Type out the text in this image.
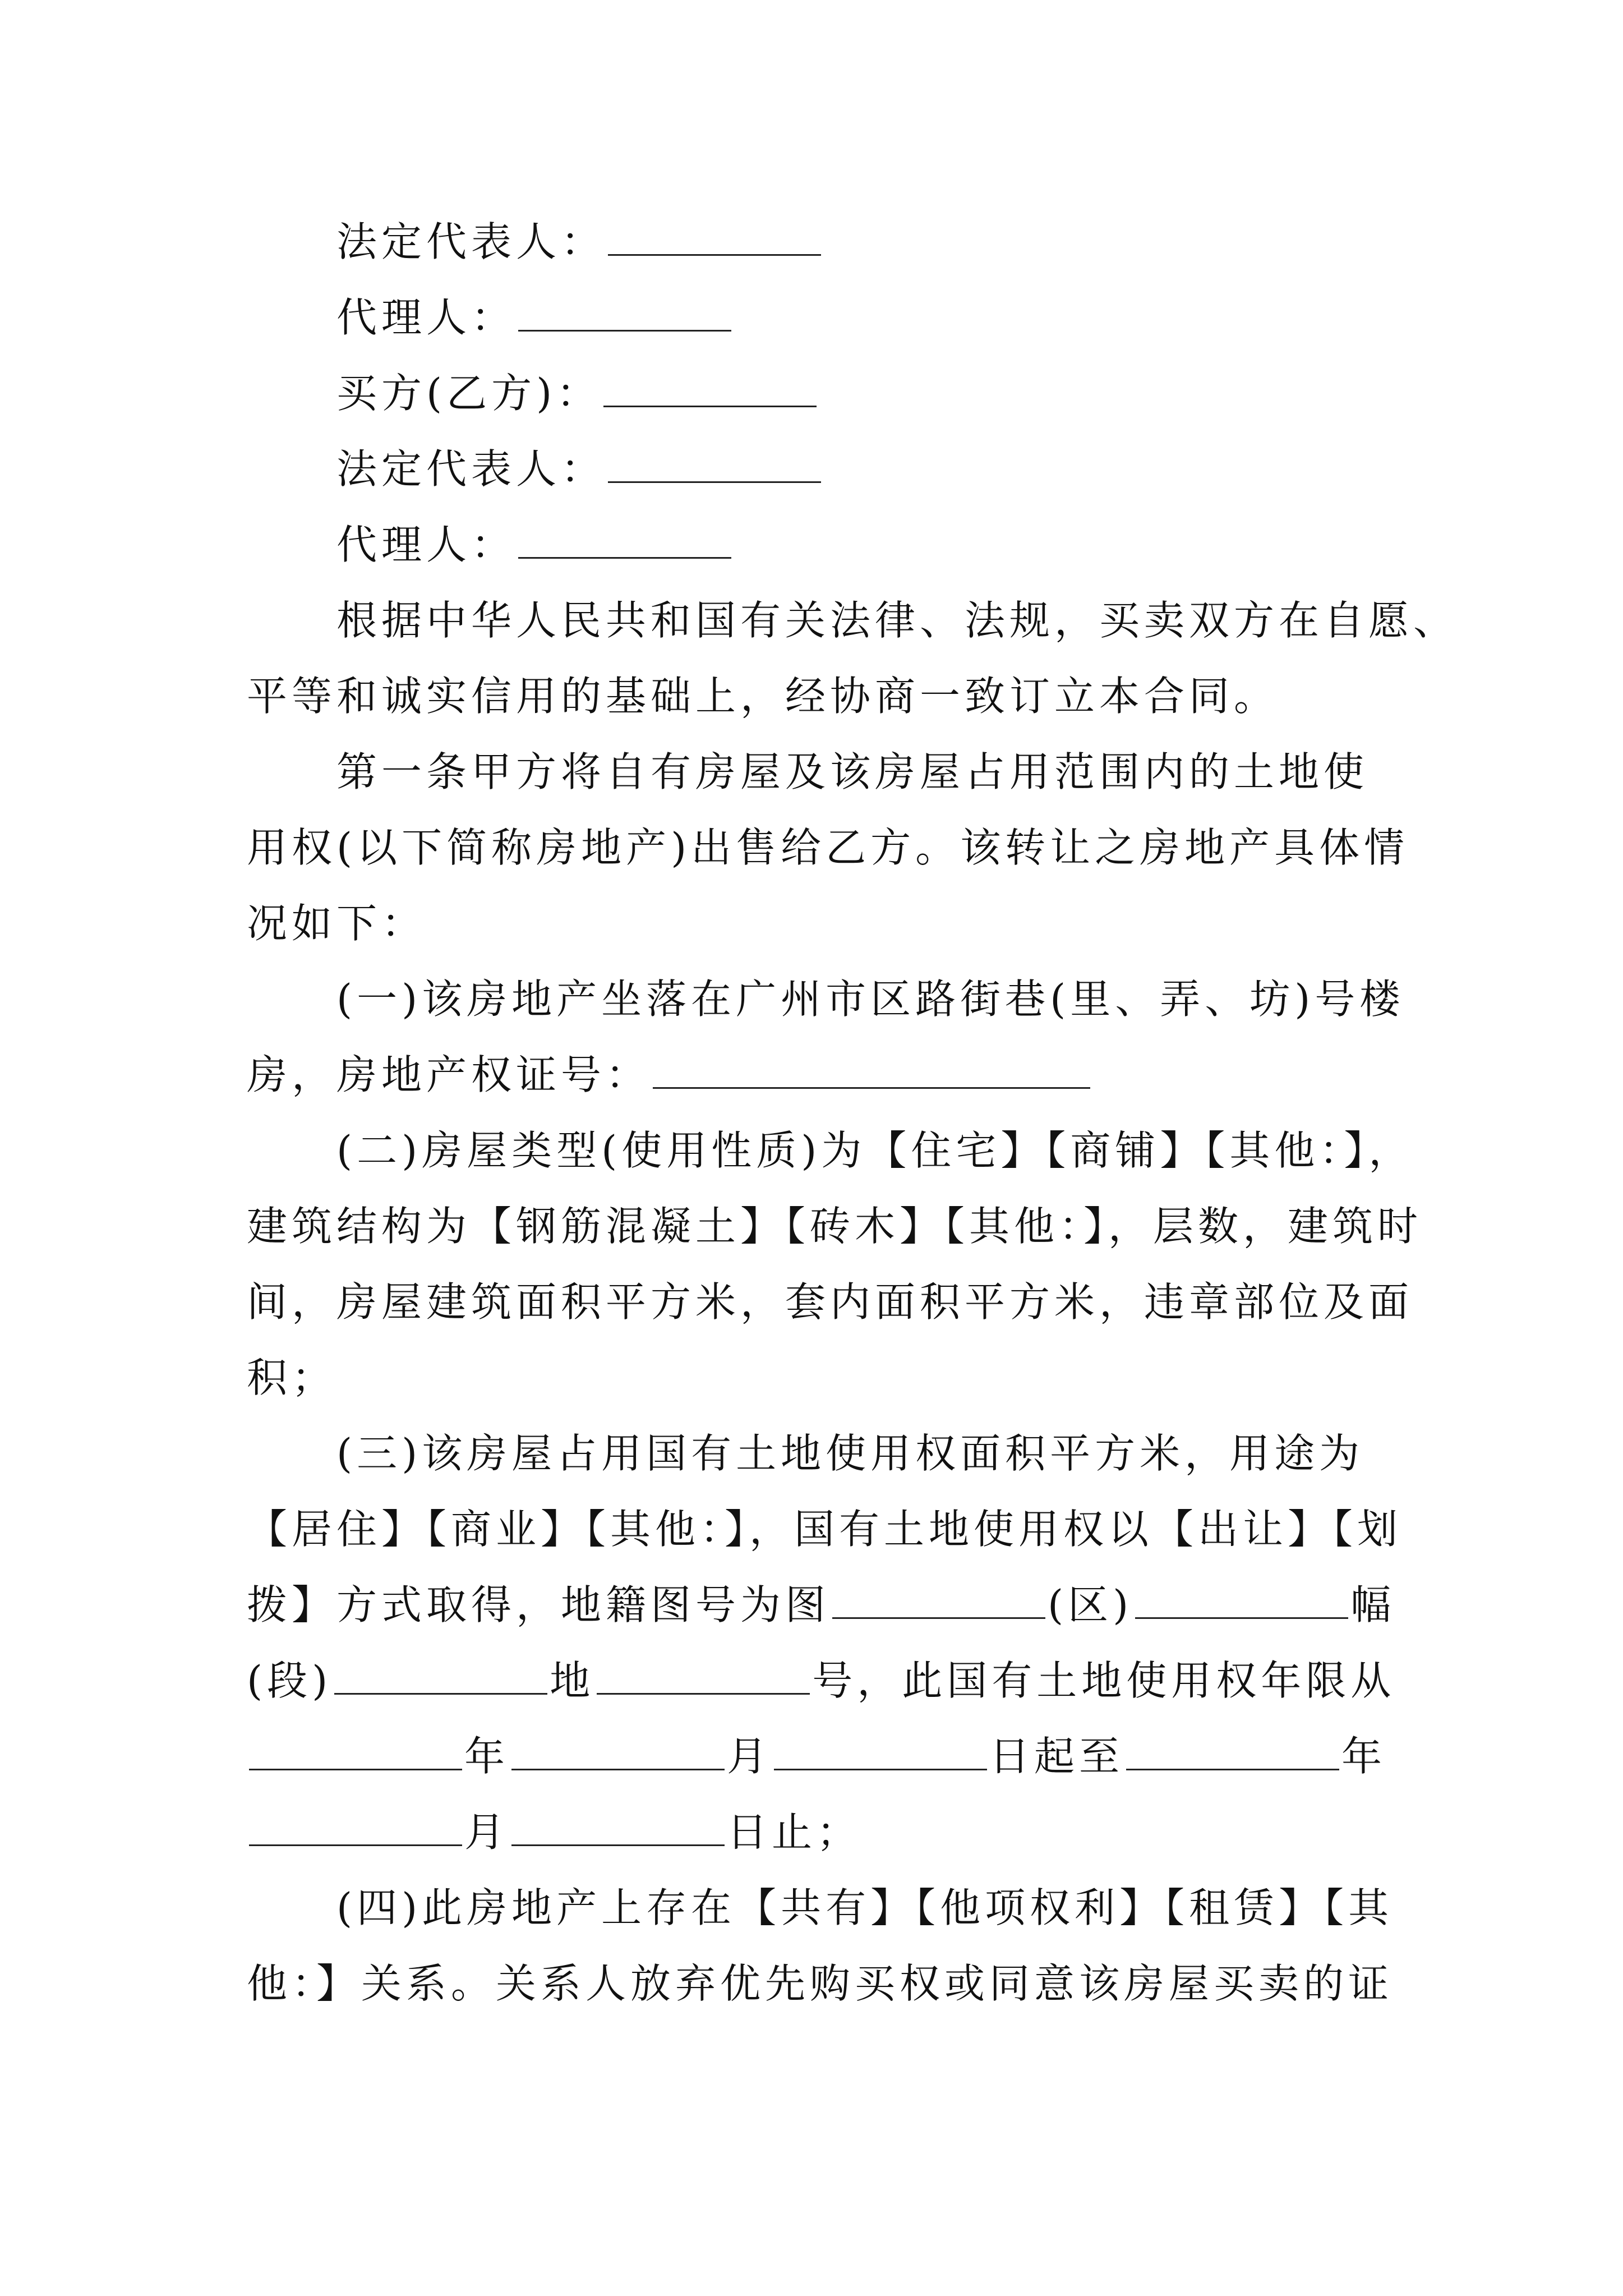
法定代表人：
代理人：
买方(乙方)：
法定代表人：
代理人：
根据中华人民共和国有关法律、法规，买卖双方在自愿、
平等和诚实信用的基础上，经协商一致订立本合同。
第一条甲方将自有房屋及该房屋占用范围内的土地使
用权(以下简称房地产)出售给乙方。该转让之房地产具体情
况如下：
(一)该房地产坐落在广州市区路街巷(里、弄、坊)号楼
房，房地产权证号：
(二)房屋类型(使用性质)为【住宅】【商铺】【其他：】，
建筑结构为【钢筋混凝土】【砖木】【其他：】，层数，建筑时
间，房屋建筑面积平方米，套内面积平方米，违章部位及面
积；
(三)该房屋占用国有土地使用权面积平方米，用途为
【居住】【商业】【其他：】，国有土地使用权以【出让】【划
拨】方式取得，地籍图号为图	(区)	幅
(段)	地	号，此国有土地使用权年限从
年	月	日起至	年
月	日止；
(四)此房地产上存在【共有】【他项权利】【租赁】【其
他：】关系。关系人放弃优先购买权或同意该房屋买卖的证
